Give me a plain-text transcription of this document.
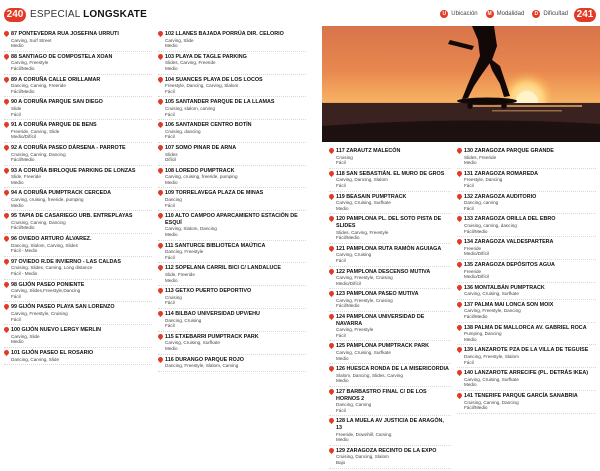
240 ESPECIAL LONGSKATE	U Ubicación	M Modalidad	D Dificultad 241
87 PONTEVEDRA RUA JOSEFINA URRUTI
Carving, Surf Street
Medio
88 SANTIAGO DE COMPOSTELA XOAN
Carving, Freestyle
Fácil/Medio
89 A CORUÑA CALLE ORILLAMAR
Dancing, Carving, Freeride
Fácil/Medio
90 A CORUÑA PARQUE SAN DIEGO
Slide
Fácil
91 A CORUÑA PARQUE DE BENS
Freeride, Carving, Slide
Medio/Difícil
92 A CORUÑA PASEO DÁRSENA - PARROTE
Cruising, Carving, Dancing
Fácil/Medio
93 A CORUÑA BIRLOQUE PARKING DE LONZAS
Slide, Freeride
Medio
94 A CORUÑA PUMPTRACK CERCEDA
Carving, cruising, freeride, pumping
Medio
95 TAPIA DE CASARIEGO URB. ENTREPLAYAS
Cruising, Carving, Dancing
Fácil/Medio
96 OVIEDO ARTURO ÁLVAREZ.
Dancing, Slalom, Carving, Slides
Fácil - Medio
97 OVIEDO R.DE INVIERNO - LAS CALDAS
Cruising, Slides, Carving, Long distance
Fácil - Medio
98 GIJÓN PASEO PONIENTE
Carving, Slides,Freestyle,Dancing
Fácil
99 GIJÓN PASEO PLAYA SAN LORENZO
Carving, Freestyle, Cruising
Fácil
100 GIJÓN NUEVO LERGY MERLIN
Carving, Slide
Medio
101 GIJÓN PASEO EL ROSARIO
Dancing, Carving, Slide
102 LLANES BAJADA PORRÚA DIR. CELORIO
Carving, Slide
Medio
103 PLAYA DE TAGLE PARKING
Slides, Carving, Freeride
Medio
104 SUANCES PLAYA DE LOS LOCOS
Freestyle, Dancing, Carving, Slalom
Fácil
105 SANTANDER PARQUE DE LA LLAMAS
Cruising, slalom, carving
Fácil
106 SANTANDER CENTRO BOTÍN
Cruising, dancing
Fácil
107 SOMO PINAR DE ARNA
Slides
Difícil
108 LOREDO PUMPTRACK
Carving, cruising, freeride, pumping
Medio
109 TORRELAVEGA PLAZA DE MINAS
Dancing
Fácil
110 ALTO CAMPOO APARCAMIENTO ESTACIÓN DE ESQUÍ
Carving, Slalom, Dancing
Medio
111 SANTURCE BIBLIOTECA MAÚTICA
Dancing, Freestyle
Fácil
112 SOPELANA CARRIL BICI C/ LANDALUCE
Slide, Freeride
Medio
113 GETXO PUERTO DEPORTIVO
Cruising
Fácil
114 BILBAO UNIVERSIDAD UPV/EHU
Dancing, Cruising
Fácil
115 ETXEBARRI PUMPTRACK PARK
Carving, Cruising, Surfkate
Medio
116 DURANGO PARQUE ROJO
Dancing, Freestyle, Slalom, Carving
117 ZARAUTZ MALECÓN
Cruising
Fácil
118 SAN SEBASTIÁN. EL MURO DE GROS
Carving, Dancing, Slalom
Fácil
119 BEASAIN PUMPTRACK
Carving, Cruising, Surfkate
Medio
120 PAMPLONA PL. DEL SOTO PISTA DE SLIDES
Slides, Carving, Freestyle
Fácil/Medio
121 PAMPLONA RUTA RAMÓN AGUIAGA
Carving, Cruising
Fácil
122 PAMPLONA DESCENSO MUTIVA
Carving, Freestyle, Cruising
Medio/Difícil
123 PAMPLONA PASEO MUTIVA
Carving, Freestyle, Cruising
Fácil/Medio
124 PAMPLONA UNIVERSIDAD DE NAVARRA
Carving, Freestyle
Fácil
125 PAMPLONA PUMPTRACK PARK
Carving, Cruising, Surfkate
Medio
126 HUESCA RONDA DE LA MISERICORDIA
Slalom, Dancing, Slides, Carving
Medio
127 BARBASTRO FINAL C/ DE LOS HORNOS 2
Dancing, Carving
Fácil
128 LA MUELA AV JUSTICIA DE ARAGÓN, 13
Freeride, Downhill, Carving
Medio
129 ZARAGOZA RECINTO DE LA EXPO
Cruising, Dancing, Slalom
Bajo
130 ZARAGOZA PARQUE GRANDE
Slides, Freeride
Medio
131 ZARAGOZA ROMAREDA
Freestyle, Dancing
Fácil
132 ZARAGOZA AUDITORIO
Dancing, carving
Fácil
133 ZARAGOZA ORILLA DEL EBRO
Cruising, carving, dancing
Fácil/Medio
134 ZARAGOZA VALDESPARTERA
Freeride
Medio/Difícil
135 ZARAGOZA DEPÓSITOS AGUA
Freeride
Medio/Difícil
136 MONTALBÁN PUMPTRACK
Carving, Cruising, Surfkate
137 PALMA MAI LONCA SON MOIX
Carving, Freestyle, Dancing
Fácil/Medio
138 PALMA DE MALLORCA AV. GABRIEL ROCA
Pumping, Dancing
Medio
139 LANZAROTE PZA DE LA VILLA DE TEGUISE
Dancing, Freestyle, Slalom
Fácil
140 LANZAROTE ARRECIFE (PL. DETRÁS IKEA)
Carving, Cruising, Surfkate
Medio
141 TENERIFE PARQUE GARCÍA SANABRIA
Cruising, Carving, Dancing
Fácil/Medio
